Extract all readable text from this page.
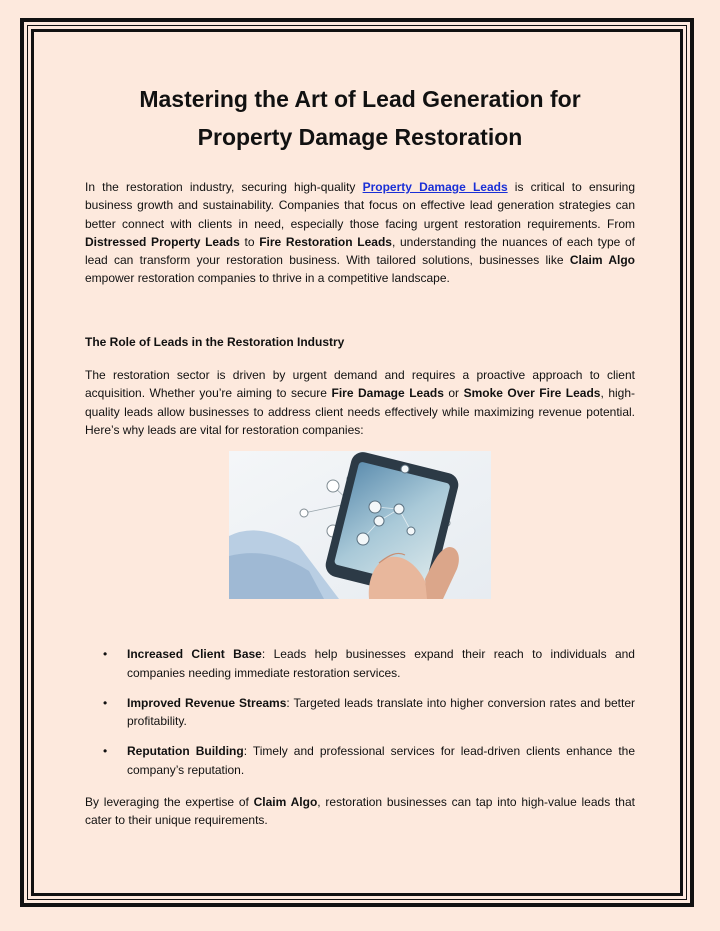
Mastering the Art of Lead Generation for
Property Damage Restoration

In the restoration industry, securing high-quality Property Damage Leads is critical to ensuring business growth and sustainability. Companies that focus on effective lead generation strategies can better connect with clients in need, especially those facing urgent restoration requirements. From Distressed Property Leads to Fire Restoration Leads, understanding the nuances of each type of lead can transform your restoration business. With tailored solutions, businesses like Claim Algo empower restoration companies to thrive in a competitive landscape.

The Role of Leads in the Restoration Industry

The restoration sector is driven by urgent demand and requires a proactive approach to client acquisition. Whether you’re aiming to secure Fire Damage Leads or Smoke Over Fire Leads, high-quality leads allow businesses to address client needs effectively while maximizing revenue potential. Here’s why leads are vital for restoration companies:

• Increased Client Base: Leads help businesses expand their reach to individuals and companies needing immediate restoration services.
• Improved Revenue Streams: Targeted leads translate into higher conversion rates and better profitability.
• Reputation Building: Timely and professional services for lead-driven clients enhance the company’s reputation.

By leveraging the expertise of Claim Algo, restoration businesses can tap into high-value leads that cater to their unique requirements.
